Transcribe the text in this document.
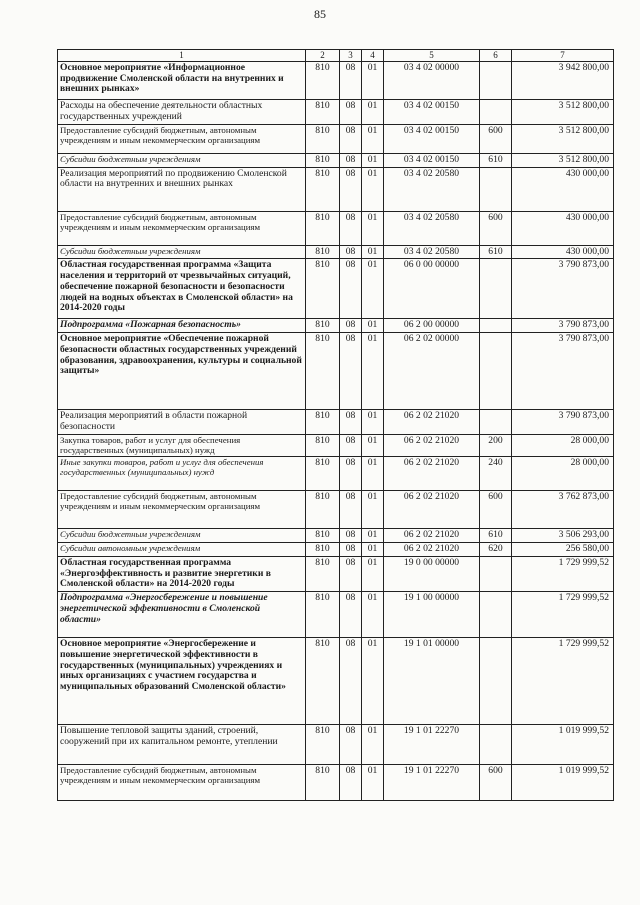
85
1	2	3	4	5	6	7
Основное мероприятие «Информационное продвижение Смоленской области на внутренних и внешних рынках»	810	08	01	03 4 02 00000		3 942 800,00
Расходы на обеспечение деятельности областных государственных учреждений	810	08	01	03 4 02 00150		3 512 800,00
Предоставление субсидий бюджетным, автономным учреждениям и иным некоммерческим организациям	810	08	01	03 4 02 00150	600	3 512 800,00
Субсидии бюджетным учреждениям	810	08	01	03 4 02 00150	610	3 512 800,00
Реализация мероприятий по продвижению Смоленской области на внутренних и внешних рынках	810	08	01	03 4 02 20580		430 000,00
Предоставление субсидий бюджетным, автономным учреждениям и иным некоммерческим организациям	810	08	01	03 4 02 20580	600	430 000,00
Субсидии бюджетным учреждениям	810	08	01	03 4 02 20580	610	430 000,00
Областная государственная программа «Защита населения и территорий от чрезвычайных ситуаций, обеспечение пожарной безопасности и безопасности людей на водных объектах в Смоленской области» на 2014-2020 годы	810	08	01	06 0 00 00000		3 790 873,00
Подпрограмма «Пожарная безопасность»	810	08	01	06 2 00 00000		3 790 873,00
Основное мероприятие «Обеспечение пожарной безопасности областных государственных учреждений образования, здравоохранения, культуры и социальной защиты»	810	08	01	06 2 02 00000		3 790 873,00
Реализация мероприятий в области пожарной безопасности	810	08	01	06 2 02 21020		3 790 873,00
Закупка товаров, работ и услуг для обеспечения государственных (муниципальных) нужд	810	08	01	06 2 02 21020	200	28 000,00
Иные закупки товаров, работ и услуг для обеспечения государственных (муниципальных) нужд	810	08	01	06 2 02 21020	240	28 000,00
Предоставление субсидий бюджетным, автономным учреждениям и иным некоммерческим организациям	810	08	01	06 2 02 21020	600	3 762 873,00
Субсидии бюджетным учреждениям	810	08	01	06 2 02 21020	610	3 506 293,00
Субсидии автономным учреждениям	810	08	01	06 2 02 21020	620	256 580,00
Областная государственная программа «Энергоэффективность и развитие энергетики в Смоленской области» на 2014-2020 годы	810	08	01	19 0 00 00000		1 729 999,52
Подпрограмма «Энергосбережение и повышение энергетической эффективности в Смоленской области»	810	08	01	19 1 00 00000		1 729 999,52
Основное мероприятие «Энергосбережение и повышение энергетической эффективности в государственных (муниципальных) учреждениях и иных организациях с участием государства и муниципальных образований Смоленской области»	810	08	01	19 1 01 00000		1 729 999,52
Повышение тепловой защиты зданий, строений, сооружений при их капитальном ремонте, утеплении	810	08	01	19 1 01 22270		1 019 999,52
Предоставление субсидий бюджетным, автономным учреждениям и иным некоммерческим организациям	810	08	01	19 1 01 22270	600	1 019 999,52
